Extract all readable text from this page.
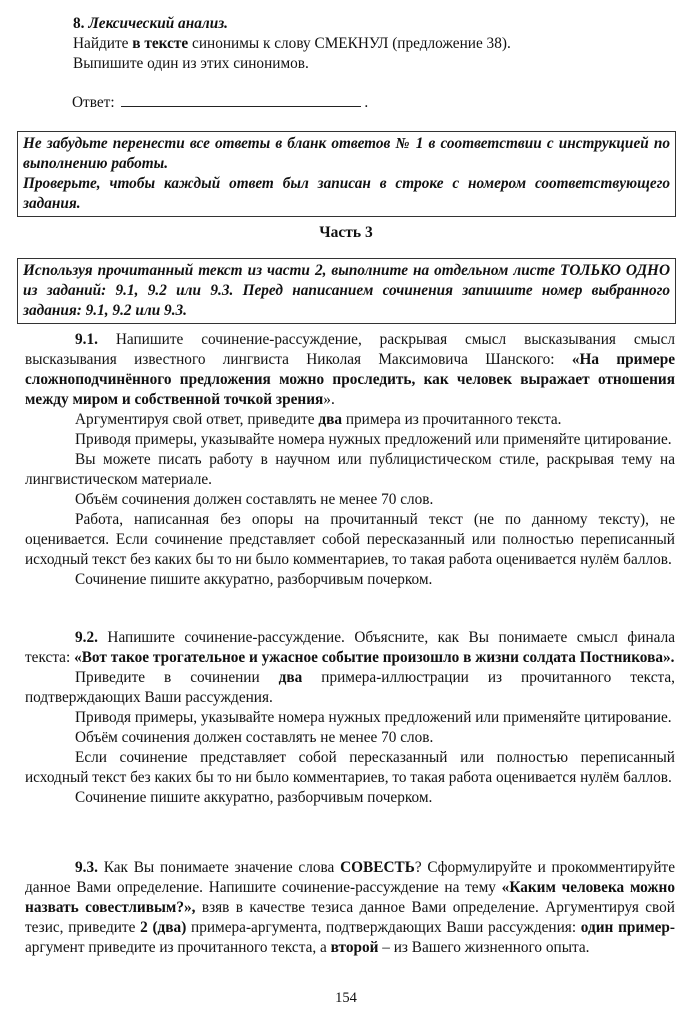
8. Лексический анализ.

Найдите в тексте синонимы к слову СМЕКНУЛ (предложение 38).

Выпишите один из этих синонимов.

Ответ:	.
Не забудьте перенести все ответы в бланк ответов № 1 в соответствии с инструкцией по выполнению работы.
Проверьте, чтобы каждый ответ был записан в строке с номером соответствующего задания.
Часть 3
Используя прочитанный текст из части 2, выполните на отдельном листе ТОЛЬКО ОДНО из заданий: 9.1, 9.2 или 9.3. Перед написанием сочинения запишите номер выбранного задания: 9.1, 9.2 или 9.3.

9.1. Напишите сочинение-рассуждение, раскрывая смысл высказывания смысл высказывания известного лингвиста Николая Максимовича Шанского: «На примере сложноподчинённого предложения можно проследить, как человек выражает отношения между миром и собственной точкой зрения».

Аргументируя свой ответ, приведите два примера из прочитанного текста.

Приводя примеры, указывайте номера нужных предложений или применяйте цитирование.

Вы можете писать работу в научном или публицистическом стиле, раскрывая тему на лингвистическом материале.

Объём сочинения должен составлять не менее 70 слов.

Работа, написанная без опоры на прочитанный текст (не по данному тексту), не оценивается. Если сочинение представляет собой пересказанный или полностью переписанный исходный текст без каких бы то ни было комментариев, то такая работа оценивается нулём баллов.

Сочинение пишите аккуратно, разборчивым почерком.

9.2. Напишите сочинение-рассуждение. Объясните, как Вы понимаете смысл финала текста: «Вот такое трогательное и ужасное событие произошло в жизни солдата Постникова».

Приведите в сочинении два примера-иллюстрации из прочитанного текста, подтверждающих Ваши рассуждения.

Приводя примеры, указывайте номера нужных предложений или применяйте цитирование.

Объём сочинения должен составлять не менее 70 слов.

Если сочинение представляет собой пересказанный или полностью переписанный исходный текст без каких бы то ни было комментариев, то такая работа оценивается нулём баллов.

Сочинение пишите аккуратно, разборчивым почерком.

9.3. Как Вы понимаете значение слова СОВЕСТЬ? Сформулируйте и прокомментируйте данное Вами определение. Напишите сочинение-рассуждение на тему «Каким человека можно назвать совестливым?», взяв в качестве тезиса данное Вами определение. Аргументируя свой тезис, приведите 2 (два) примера-аргумента, подтверждающих Ваши рассуждения: один пример-аргумент приведите из прочитанного текста, а второй – из Вашего жизненного опыта.

154
